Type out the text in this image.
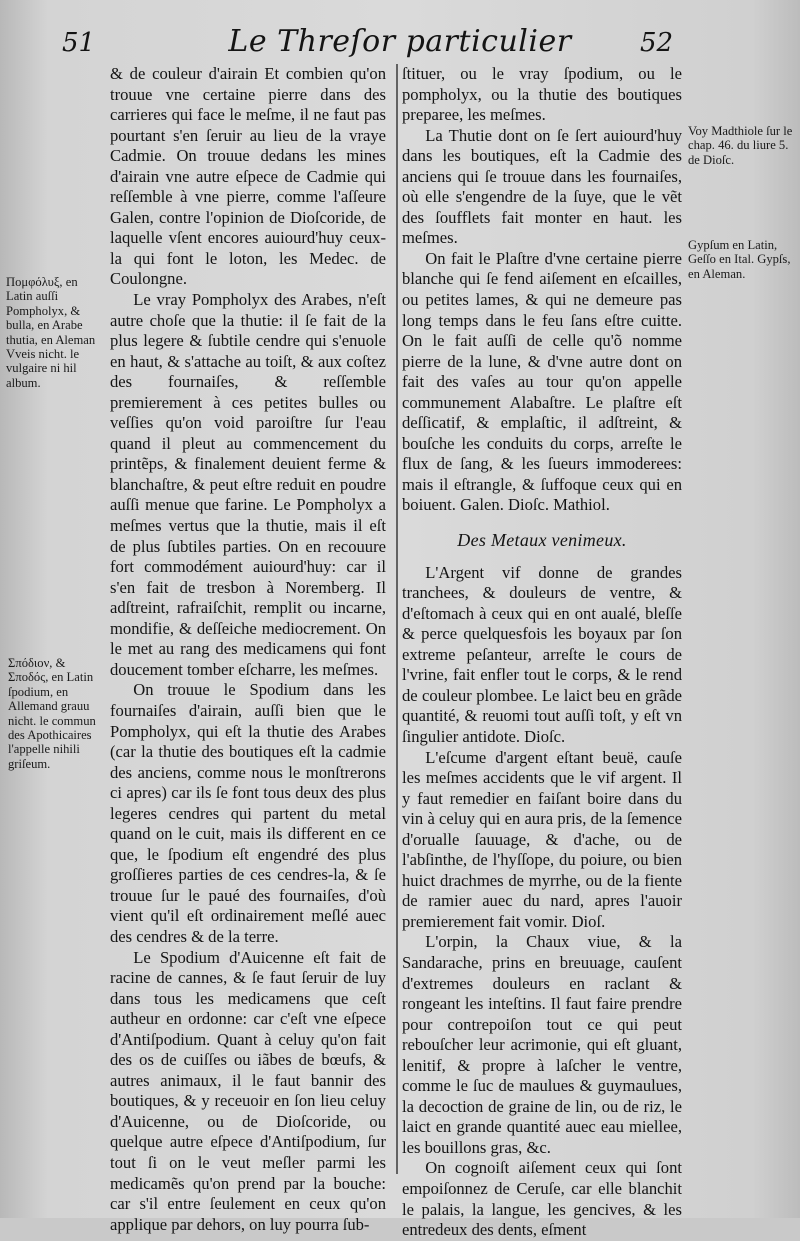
51	Le Threſor particulier	52
Πομφόλυξ, en Latin auſſi Pompholyx, & bulla, en Arabe thutia, en Aleman Vveis nicht. le vulgaire ni hil album.
Σπόδιον, & Σποδός, en Latin ſpodium, en Allemand grauu nicht. le commun des Apothicaires l'appelle nihili griſeum.
Voy Madthiole ſur le chap. 46. du liure 5. de Dioſc.
Gypſum en Latin, Geſſo en Ital. Gypſs, en Aleman.

& de couleur d'airain Et combien qu'on trouue vne certaine pierre dans des carrieres qui face le meſme, il ne faut pas pourtant s'en ſeruir au lieu de la vraye Cadmie. On trouue dedans les mines d'airain vne autre eſpece de Cadmie qui reſſemble à vne pierre, comme l'aſſeure Galen, contre l'opinion de Dioſcoride, de laquelle vſent encores auiourd'huy ceux-la qui font le loton, les Medec. de Coulongne.

Le vray Pompholyx des Arabes, n'eſt autre choſe que la thutie: il ſe fait de la plus legere & ſubtile cendre qui s'enuole en haut, & s'attache au toiſt, & aux coſtez des fournaiſes, & reſſemble premierement à ces petites bulles ou veſſies qu'on void paroiſtre ſur l'eau quand il pleut au commencement du printẽps, & finalement deuient ferme & blanchaſtre, & peut eſtre reduit en poudre auſſi menue que farine. Le Pompholyx a meſmes vertus que la thutie, mais il eſt de plus ſubtiles parties. On en recouure fort commodément auiourd'huy: car il s'en fait de tresbon à Noremberg. Il adſtreint, rafraiſchit, remplit ou incarne, mondifie, & deſſeiche mediocrement. On le met au rang des medicamens qui font doucement tomber eſcharre, les meſmes.

On trouue le Spodium dans les fournaiſes d'airain, auſſi bien que le Pompholyx, qui eſt la thutie des Arabes (car la thutie des boutiques eſt la cadmie des anciens, comme nous le monſtrerons ci apres) car ils ſe font tous deux des plus legeres cendres qui partent du metal quand on le cuit, mais ils different en ce que, le ſpodium eſt engendré des plus groſſieres parties de ces cendres-la, & ſe trouue ſur le paué des fournaiſes, d'où vient qu'il eſt ordinairement meſlé auec des cendres & de la terre.

Le Spodium d'Auicenne eſt fait de racine de cannes, & ſe faut ſeruir de luy dans tous les medicamens que ceſt autheur en ordonne: car c'eſt vne eſpece d'Antiſpodium. Quant à celuy qu'on fait des os de cuiſſes ou iãbes de bœufs, & autres animaux, il le faut bannir des boutiques, & y receuoir en ſon lieu celuy d'Auicenne, ou de Dioſcoride, ou quelque autre eſpece d'Antiſpodium, ſur tout ſi on le veut meſler parmi les medicamẽs qu'on prend par la bouche: car s'il entre ſeulement en ceux qu'on applique par dehors, on luy pourra ſub-

ſtituer, ou le vray ſpodium, ou le pompholyx, ou la thutie des boutiques preparee, les meſmes.

La Thutie dont on ſe ſert auiourd'huy dans les boutiques, eſt la Cadmie des anciens qui ſe trouue dans les fournaiſes, où elle s'engendre de la ſuye, que le vẽt des ſoufflets fait monter en haut. les meſmes.

On fait le Plaſtre d'vne certaine pierre blanche qui ſe fend aiſement en eſcailles, ou petites lames, & qui ne demeure pas long temps dans le feu ſans eſtre cuitte. On le fait auſſi de celle qu'õ nomme pierre de la lune, & d'vne autre dont on fait des vaſes au tour qu'on appelle communement Alabaſtre. Le plaſtre eſt deſſicatif, & emplaſtic, il adſtreint, & bouſche les conduits du corps, arreſte le flux de ſang, & les ſueurs immoderees: mais il eſtrangle, & ſuffoque ceux qui en boiuent. Galen. Dioſc. Mathiol.

Des Metaux venimeux.

L'Argent vif donne de grandes tranchees, & douleurs de ventre, & d'eſtomach à ceux qui en ont aualé, bleſſe & perce quelquesfois les boyaux par ſon extreme peſanteur, arreſte le cours de l'vrine, fait enfler tout le corps, & le rend de couleur plombee. Le laict beu en grãde quantité, & reuomi tout auſſi toſt, y eſt vn ſingulier antidote. Dioſc.

L'eſcume d'argent eſtant beuë, cauſe les meſmes accidents que le vif argent. Il y faut remedier en faiſant boire dans du vin à celuy qui en aura pris, de la ſemence d'orualle ſauuage, & d'ache, ou de l'abſinthe, de l'hyſſope, du poiure, ou bien huict drachmes de myrrhe, ou de la fiente de ramier auec du nard, apres l'auoir premierement fait vomir. Dioſ.

L'orpin, la Chaux viue, & la Sandarache, prins en breuuage, cauſent d'extremes douleurs en raclant & rongeant les inteſtins. Il faut faire prendre pour contrepoiſon tout ce qui peut rebouſcher leur acrimonie, qui eſt gluant, lenitif, & propre à laſcher le ventre, comme le ſuc de maulues & guymaulues, la decoction de graine de lin, ou de riz, le laict en grande quantité auec eau miellee, les bouillons gras, &c.

On cognoiſt aiſement ceux qui ſont empoiſonnez de Ceruſe, car elle blanchit le palais, la langue, les gencives, & les entredeux des dents, eſment
